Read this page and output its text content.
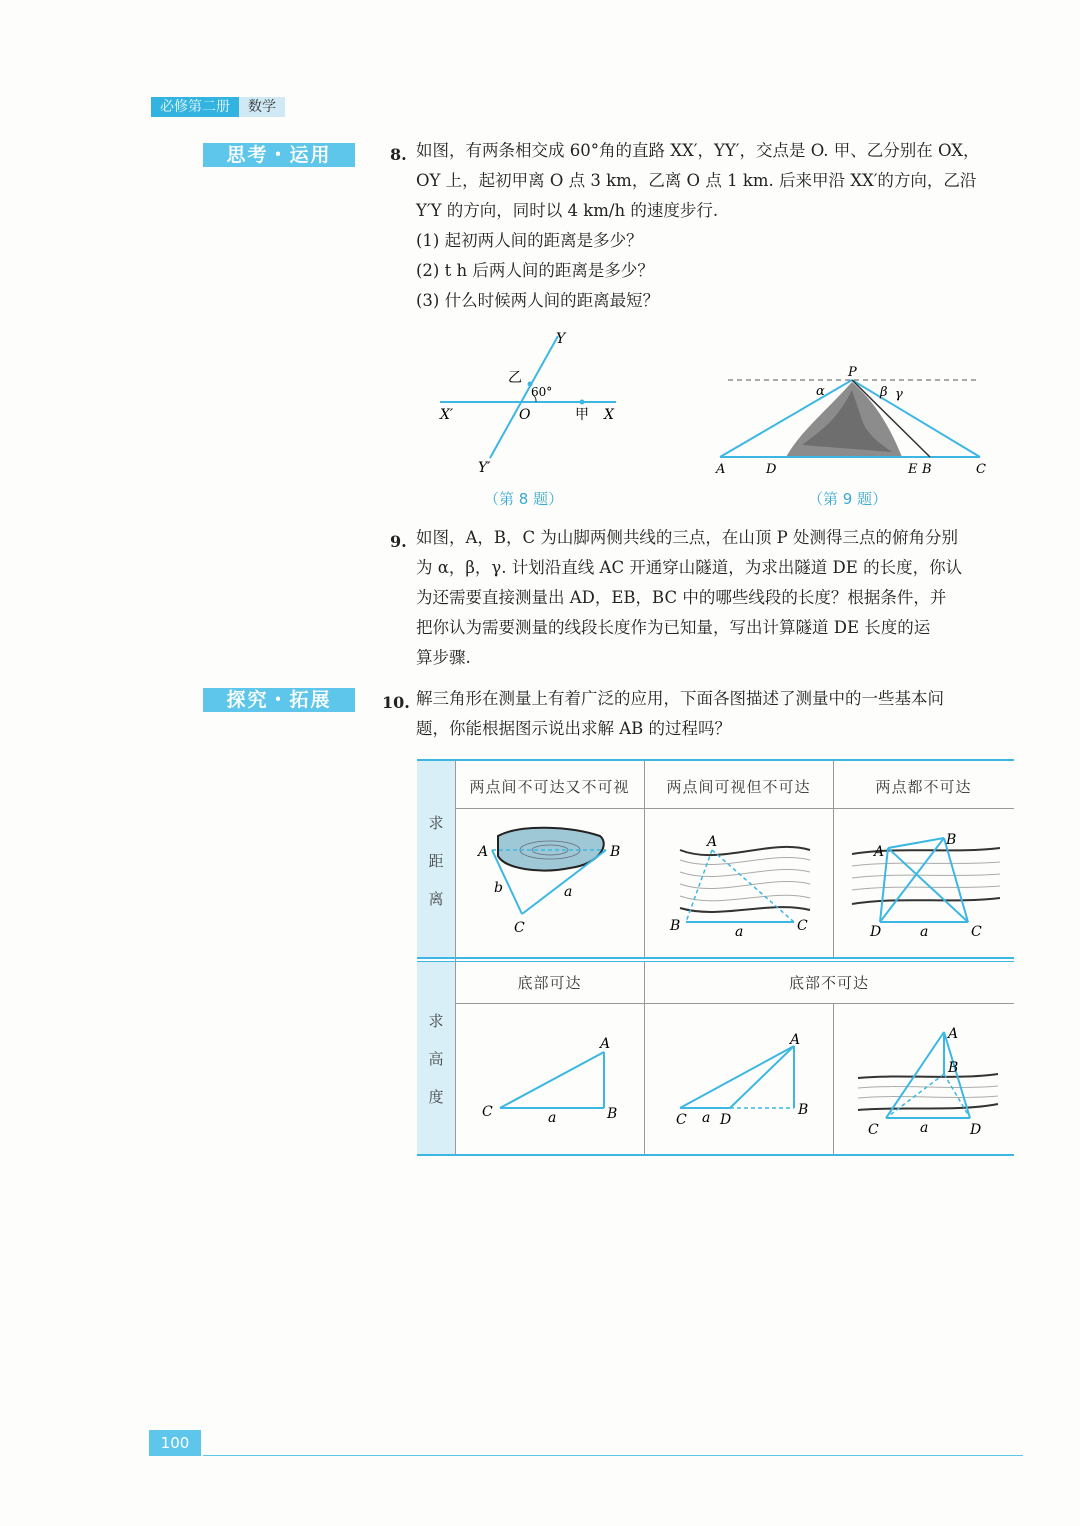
必修第二册	数学
思考・运用
探究・拓展
8. 如图，有两条相交成 60°角的直路 XX′，YY′，交点是 O. 甲、乙分别在 OX，
OY 上，起初甲离 O 点 3 km，乙离 O 点 1 km. 后来甲沿 XX′的方向，乙沿
Y′Y 的方向，同时以 4 km/h 的速度步行.
(1) 起初两人间的距离是多少？
(2) t h 后两人间的距离是多少？
(3) 什么时候两人间的距离最短？
Y
Y′
X
X′	O	甲
乙
60°
（第 8 题）
P
A	D	E B	C
α	β γ
（第 9 题）
9. 如图，A，B，C 为山脚两侧共线的三点，在山顶 P 处测得三点的俯角分别
为 α，β，γ. 计划沿直线 AC 开通穿山隧道，为求出隧道 DE 的长度，你认
为还需要直接测量出 AD，EB，BC 中的哪些线段的长度？根据条件，并
把你认为需要测量的线段长度作为已知量，写出计算隧道 DE 长度的运
算步骤.
10. 解三角形在测量上有着广泛的应用，下面各图描述了测量中的一些基本问
题，你能根据图示说出求解 AB 的过程吗？
两点间不可达又不可视	两点间可视但不可达	两点都不可达
底部可达	底部不可达
求
距
离
求
高
度
A	B
C
b	a
A
B	C
a
A
B
D	C
a
A
C	B
a
A
C D
B
a
A
B
C	D
a
100
